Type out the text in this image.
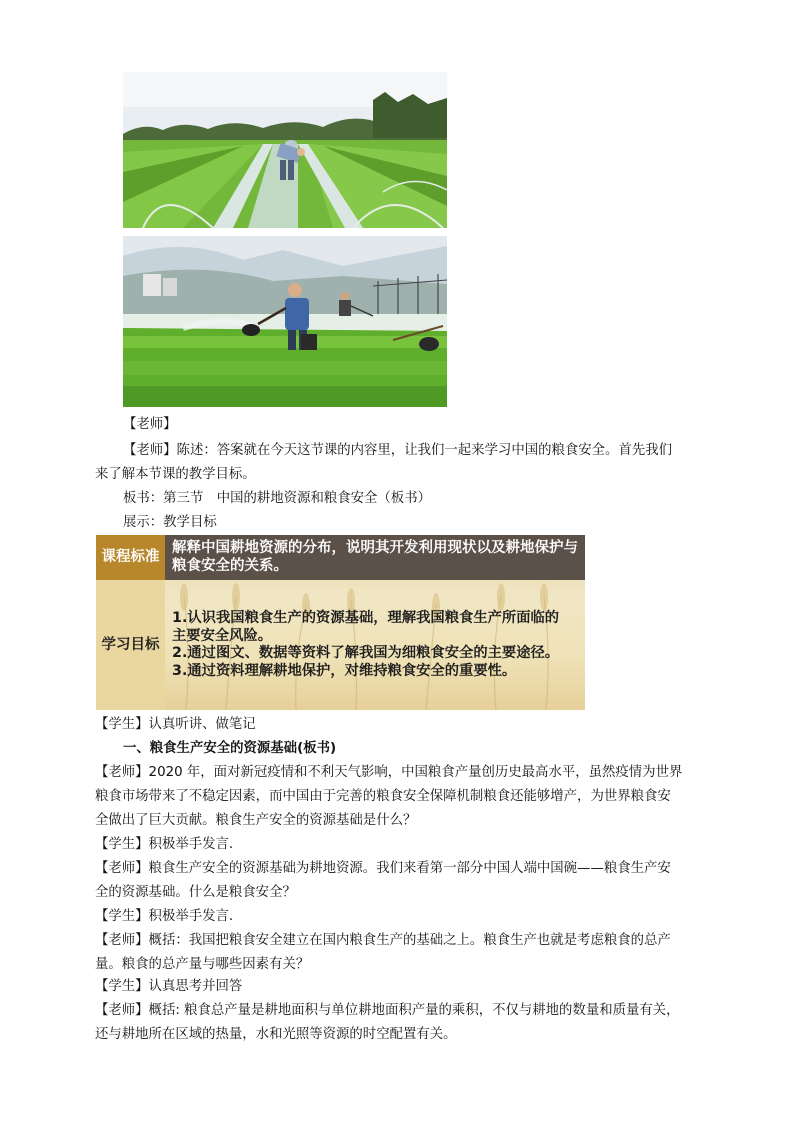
【老师】
【老师】陈述：答案就在今天这节课的内容里，让我们一起来学习中国的粮食安全。首先我们
来了解本节课的教学目标。
板书：第三节　中国的耕地资源和粮食安全（板书）
展示：教学目标
课程标准
解释中国耕地资源的分布，说明其开发利用现状以及耕地保护与粮食安全的关系。
学习目标
1.认识我国粮食生产的资源基础，理解我国粮食生产所面临的
主要安全风险。
2.通过图文、数据等资料了解我国为细粮食安全的主要途径。
3.通过资料理解耕地保护，对维持粮食安全的重要性。
【学生】认真听讲、做笔记
一、粮食生产安全的资源基础(板书)
【老师】2020 年，面对新冠疫情和不利天气影响，中国粮食产量创历史最高水平，虽然疫情为世界
粮食市场带来了不稳定因素，而中国由于完善的粮食安全保障机制粮食还能够增产，为世界粮食安
全做出了巨大贡献。粮食生产安全的资源基础是什么？
【学生】积极举手发言.
【老师】粮食生产安全的资源基础为耕地资源。我们来看第一部分中国人端中国碗——粮食生产安
全的资源基础。什么是粮食安全？
【学生】积极举手发言.
【老师】概括：我国把粮食安全建立在国内粮食生产的基础之上。粮食生产也就是考虑粮食的总产
量。粮食的总产量与哪些因素有关？
【学生】认真思考并回答
【老师】概括: 粮食总产量是耕地面积与单位耕地面积产量的乘积，不仅与耕地的数量和质量有关，
还与耕地所在区域的热量，水和光照等资源的时空配置有关。
